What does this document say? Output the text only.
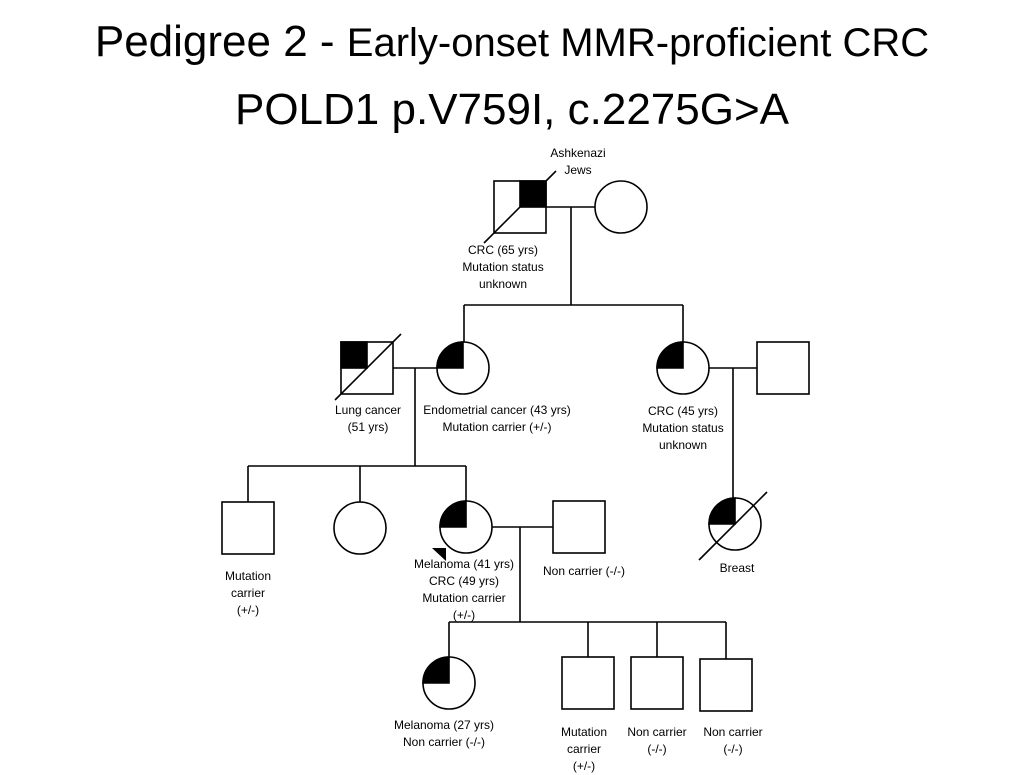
Pedigree 2 - Early-onset MMR-proficient CRC
POLD1 p.V759I, c.2275G>A
Ashkenazi
Jews
CRC (65 yrs)
Mutation status
unknown
Lung cancer
(51 yrs)
Endometrial cancer (43 yrs)
Mutation carrier (+/-)
CRC (45 yrs)
Mutation status
unknown
Mutation
carrier
(+/-)
Melanoma (41 yrs)
CRC (49 yrs)
Mutation carrier
(+/-)
Non carrier (-/-)	Breast
Melanoma (27 yrs)
Non carrier (-/-)
Mutation
carrier
(+/-)
Non carrier
(-/-)
Non carrier
(-/-)
